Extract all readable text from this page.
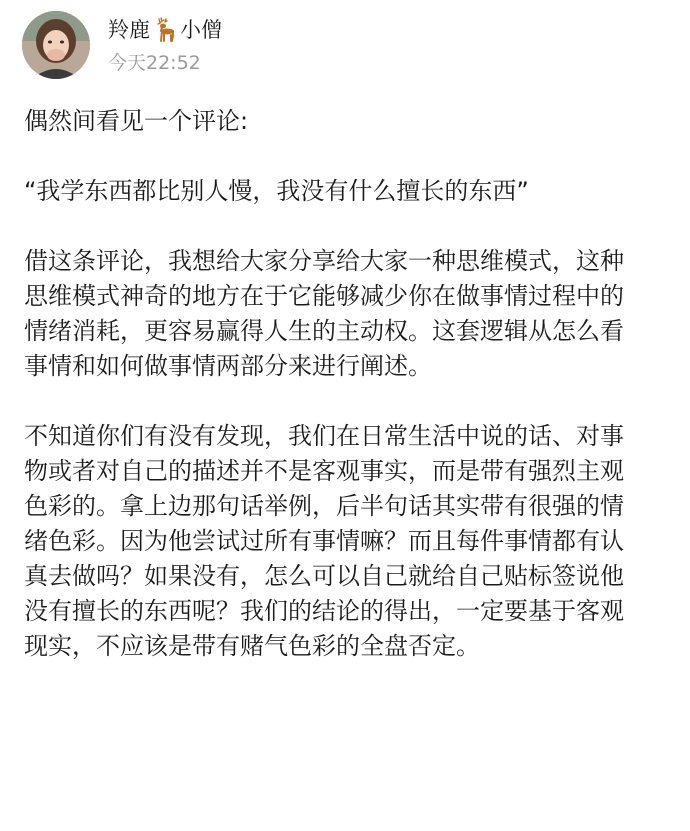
羚鹿 小僧
今天22:52

偶然间看见一个评论:

“我学东西都比别人慢，我没有什么擅长的东西”

借这条评论，我想给大家分享给大家一种思维模式，这种思维模式神奇的地方在于它能够减少你在做事情过程中的情绪消耗，更容易赢得人生的主动权。这套逻辑从怎么看事情和如何做事情两部分来进行阐述。

不知道你们有没有发现，我们在日常生活中说的话、对事物或者对自己的描述并不是客观事实，而是带有强烈主观色彩的。拿上边那句话举例，后半句话其实带有很强的情绪色彩。因为他尝试过所有事情嘛？而且每件事情都有认真去做吗？如果没有，怎么可以自己就给自己贴标签说他没有擅长的东西呢？我们的结论的得出，一定要基于客观现实，不应该是带有赌气色彩的全盘否定。
